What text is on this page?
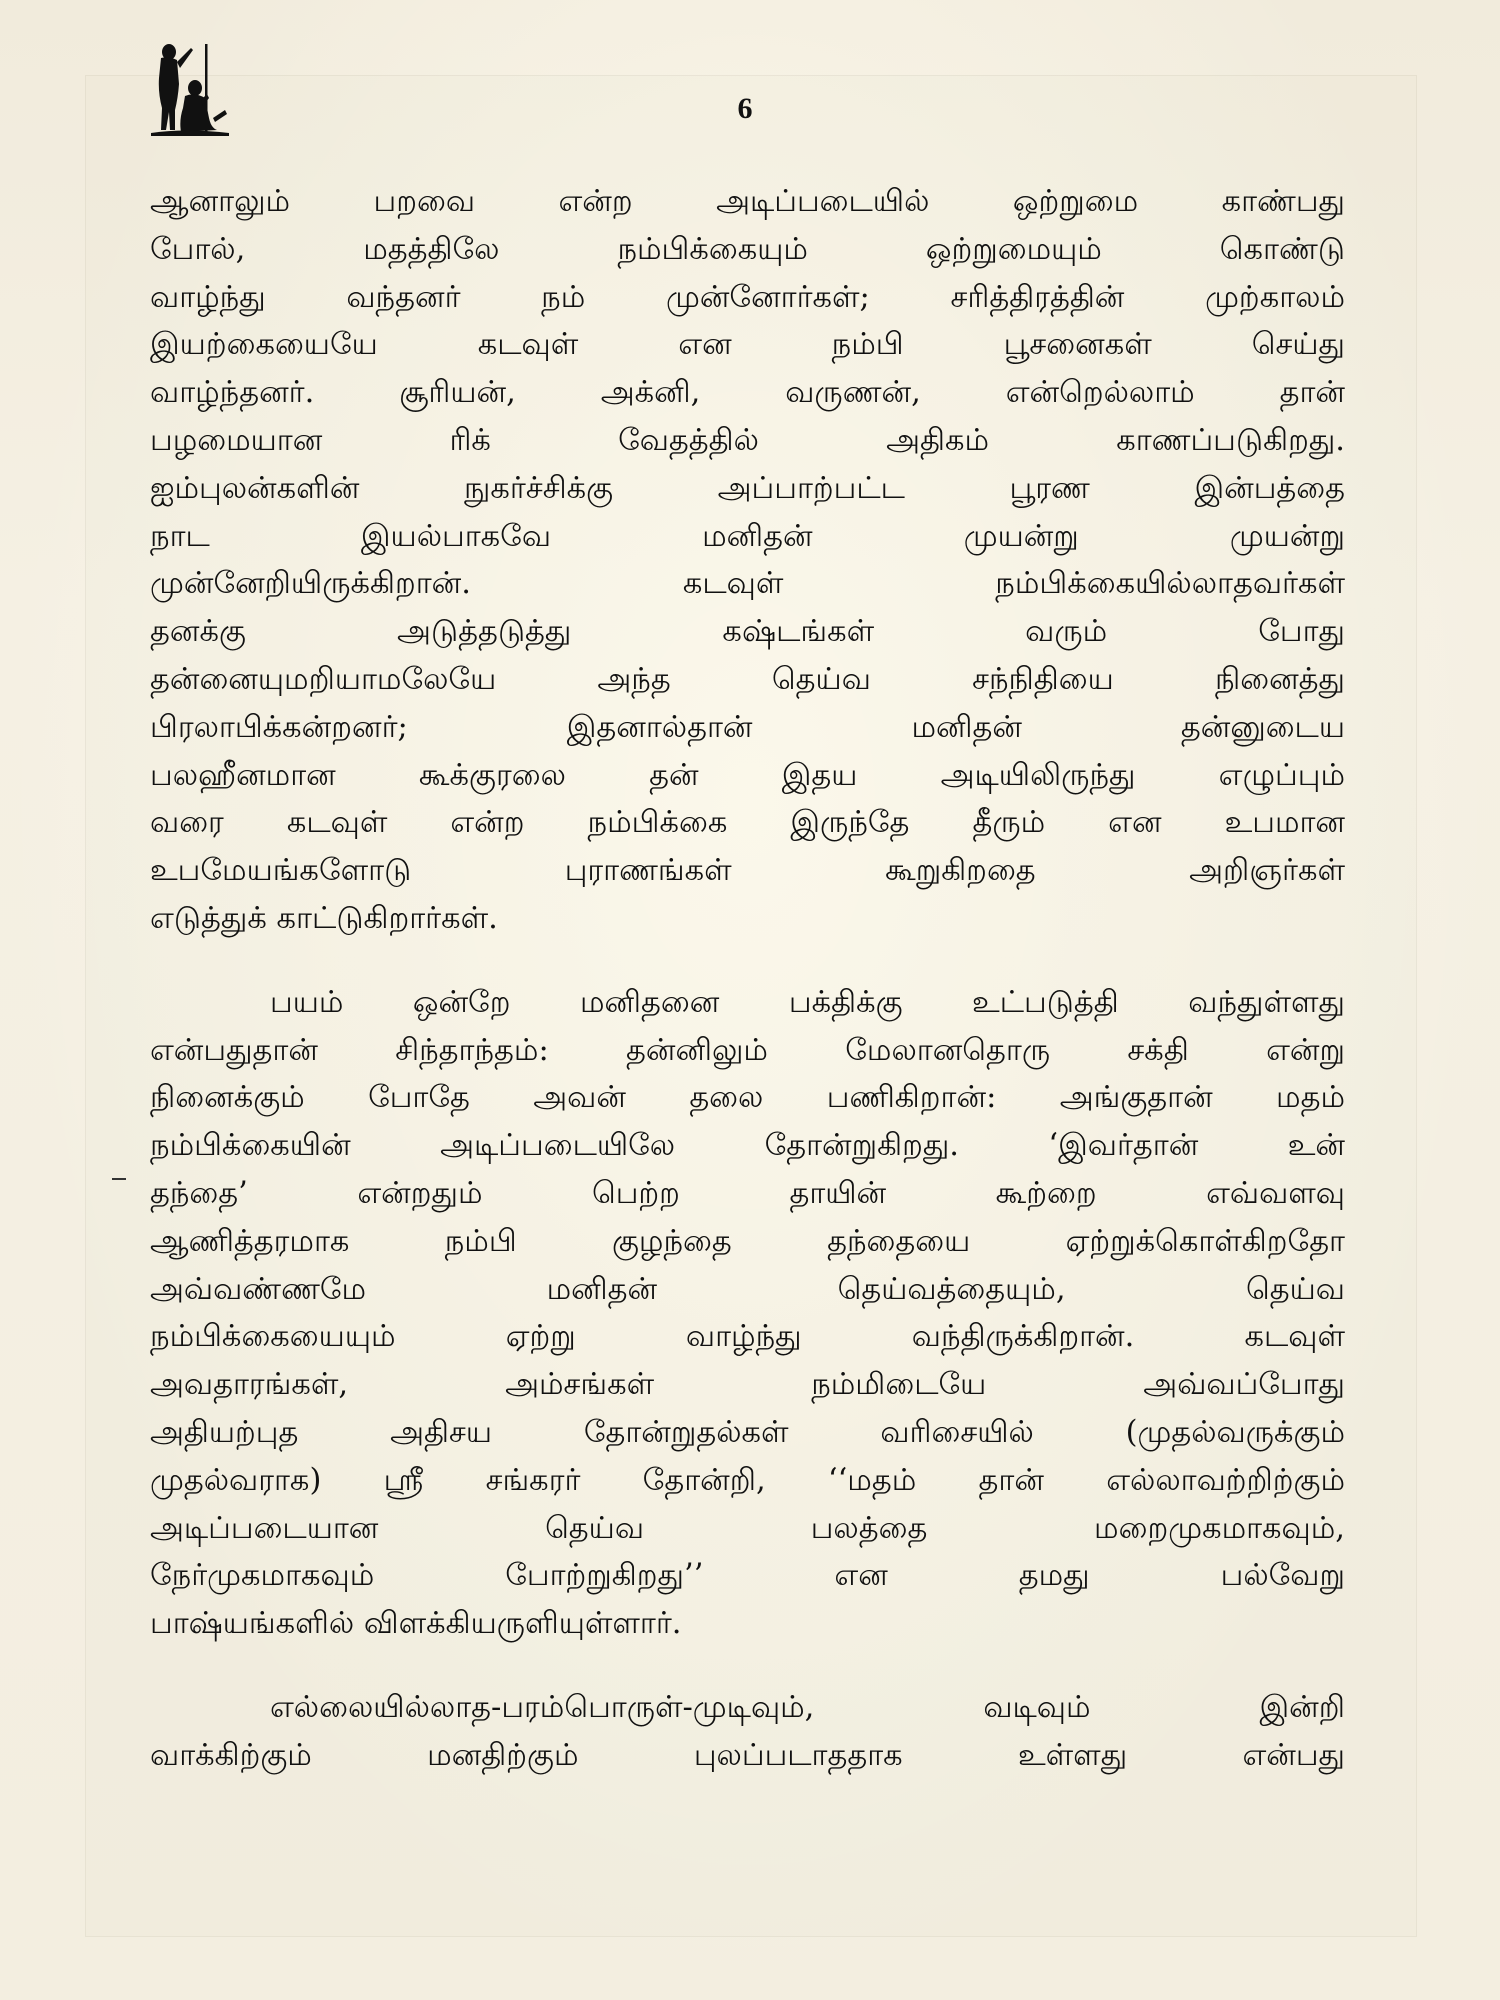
6

ஆனாலும் பறவை என்ற அடிப்படையில் ஒற்றுமை காண்பது
போல், மதத்திலே நம்பிக்கையும் ஒற்றுமையும் கொண்டு
வாழ்ந்து வந்தனர் நம் முன்னோர்கள்; சரித்திரத்தின் முற்காலம்
இயற்கையையே கடவுள் என நம்பி பூசனைகள் செய்து
வாழ்ந்தனர். சூரியன், அக்னி, வருணன், என்றெல்லாம் தான்
பழமையான ரிக் வேதத்தில் அதிகம் காணப்படுகிறது.
ஐம்புலன்களின் நுகர்ச்சிக்கு அப்பாற்பட்ட பூரண இன்பத்தை
நாட இயல்பாகவே மனிதன் முயன்று முயன்று
முன்னேறியிருக்கிறான். கடவுள் நம்பிக்கையில்லாதவர்கள்
தனக்கு அடுத்தடுத்து கஷ்டங்கள் வரும் போது
தன்னையுமறியாமலேயே அந்த தெய்வ சந்நிதியை நினைத்து
பிரலாபிக்கன்றனர்; இதனால்தான் மனிதன் தன்னுடைய
பலஹீனமான கூக்குரலை தன் இதய அடியிலிருந்து எழுப்பும்
வரை கடவுள் என்ற நம்பிக்கை இருந்தே தீரும் என உபமான
உபமேயங்களோடு புராணங்கள் கூறுகிறதை அறிஞர்கள்
எடுத்துக் காட்டுகிறார்கள்.

பயம் ஒன்றே மனிதனை பக்திக்கு உட்படுத்தி வந்துள்ளது
என்பதுதான் சிந்தாந்தம்: தன்னிலும் மேலானதொரு சக்தி என்று
நினைக்கும் போதே அவன் தலை பணிகிறான்: அங்குதான் மதம்
நம்பிக்கையின் அடிப்படையிலே தோன்றுகிறது. ‘இவர்தான் உன்
தந்தை’ என்றதும் பெற்ற தாயின் கூற்றை எவ்வளவு
ஆணித்தரமாக நம்பி குழந்தை தந்தையை ஏற்றுக்கொள்கிறதோ
அவ்வண்ணமே மனிதன் தெய்வத்தையும், தெய்வ
நம்பிக்கையையும் ஏற்று வாழ்ந்து வந்திருக்கிறான். கடவுள்
அவதாரங்கள், அம்சங்கள் நம்மிடையே அவ்வப்போது
அதியற்புத அதிசய தோன்றுதல்கள் வரிசையில் (முதல்வருக்கும்
முதல்வராக) ஸ்ரீ சங்கரர் தோன்றி, ‘‘மதம் தான் எல்லாவற்றிற்கும்
அடிப்படையான தெய்வ பலத்தை மறைமுகமாகவும்,
நேர்முகமாகவும் போற்றுகிறது’’ என தமது பல்வேறு
பாஷ்யங்களில் விளக்கியருளியுள்ளார்.

எல்லையில்லாத-பரம்பொருள்-முடிவும், வடிவும் இன்றி
வாக்கிற்கும் மனதிற்கும் புலப்படாததாக உள்ளது என்பது
